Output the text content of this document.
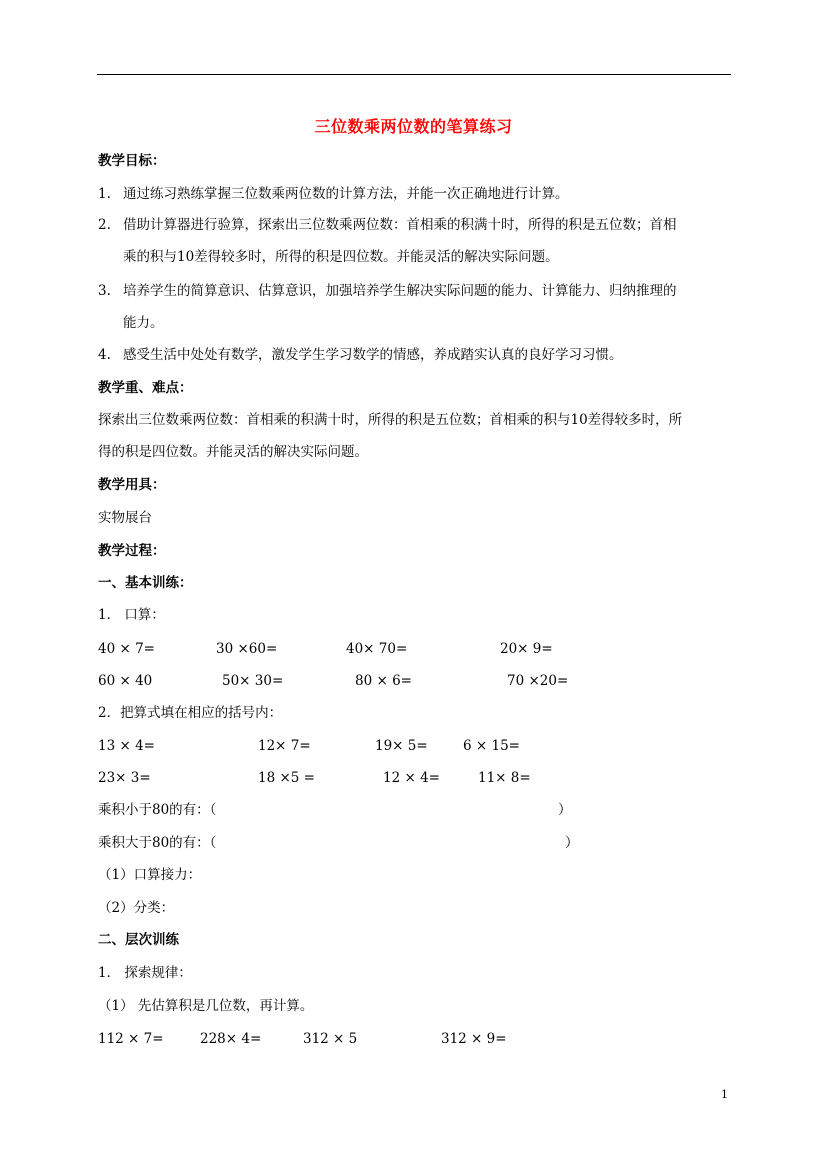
三位数乘两位数的笔算练习
教学目标：
1. 通过练习熟练掌握三位数乘两位数的计算方法，并能一次正确地进行计算。
2. 借助计算器进行验算，探索出三位数乘两位数：首相乘的积满十时，所得的积是五位数；首相
乘的积与10差得较多时，所得的积是四位数。并能灵活的解决实际问题。
3. 培养学生的简算意识、估算意识，加强培养学生解决实际问题的能力、计算能力、归纳推理的
能力。
4. 感受生活中处处有数学，激发学生学习数学的情感，养成踏实认真的良好学习习惯。
教学重、难点：
探索出三位数乘两位数：首相乘的积满十时，所得的积是五位数；首相乘的积与10差得较多时，所
得的积是四位数。并能灵活的解决实际问题。
教学用具：
实物展台
教学过程：
一、基本训练：
1． 口算：
40 × 7=	30 ×60=	40× 70=	20× 9=
60 × 40	50× 30=	80 × 6=	70 ×20=
2．把算式填在相应的括号内：
13 × 4=	12× 7=	19× 5=	6 × 15=
23× 3=	18 ×5 =	12 × 4=	11× 8=
乘积小于80的有：（	）
乘积大于80的有：（	）
（1）口算接力：
（2）分类：
二、层次训练
1． 探索规律：
（1） 先估算积是几位数，再计算。
112 × 7=	228× 4=	312 × 5	312 × 9=
1
